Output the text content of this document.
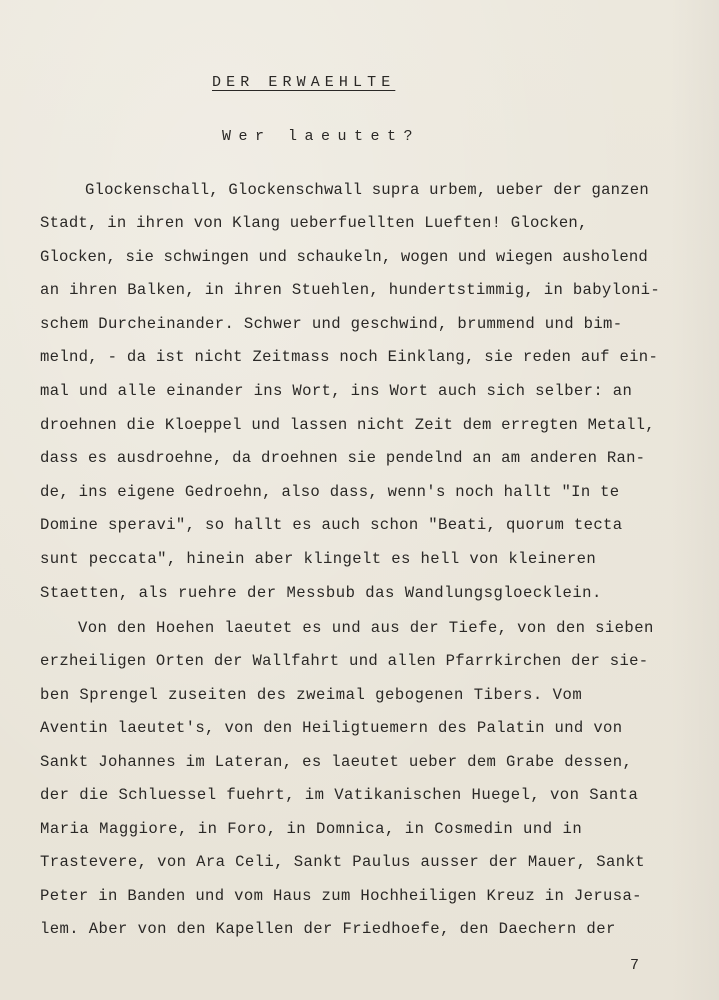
DER ERWAEHLTE
Wer laeutet?
Glockenschall, Glockenschwall supra urbem, ueber der ganzen
Stadt, in ihren von Klang ueberfuellten Lueften! Glocken,
Glocken, sie schwingen und schaukeln, wogen und wiegen ausholend
an ihren Balken, in ihren Stuehlen, hundertstimmig, in babyloni-
schem Durcheinander. Schwer und geschwind, brummend und bim-
melnd, - da ist nicht Zeitmass noch Einklang, sie reden auf ein-
mal und alle einander ins Wort, ins Wort auch sich selber: an
droehnen die Kloeppel und lassen nicht Zeit dem erregten Metall,
dass es ausdroehne, da droehnen sie pendelnd an am anderen Ran-
de, ins eigene Gedroehn, also dass, wenn's noch hallt "In te
Domine speravi", so hallt es auch schon "Beati, quorum tecta
sunt peccata", hinein aber klingelt es hell von kleineren
Staetten, als ruehre der Messbub das Wandlungsgloecklein.
Von den Hoehen laeutet es und aus der Tiefe, von den sieben
erzheiligen Orten der Wallfahrt und allen Pfarrkirchen der sie-
ben Sprengel zuseiten des zweimal gebogenen Tibers. Vom
Aventin laeutet's, von den Heiligtuemern des Palatin und von
Sankt Johannes im Lateran, es laeutet ueber dem Grabe dessen,
der die Schluessel fuehrt, im Vatikanischen Huegel, von Santa
Maria Maggiore, in Foro, in Domnica, in Cosmedin und in
Trastevere, von Ara Celi, Sankt Paulus ausser der Mauer, Sankt
Peter in Banden und vom Haus zum Hochheiligen Kreuz in Jerusa-
lem. Aber von den Kapellen der Friedhoefe, den Daechern der
7
